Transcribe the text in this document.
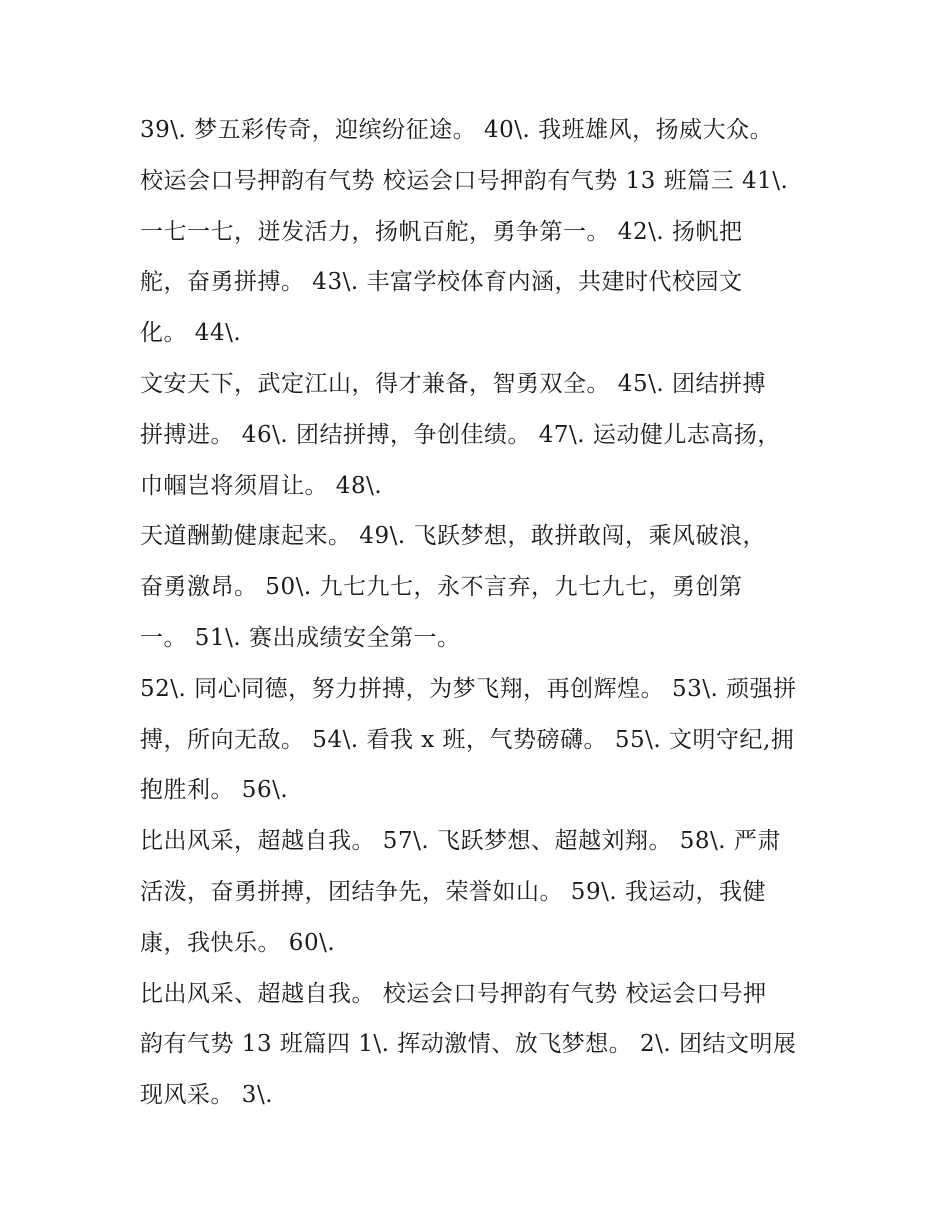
39\. 梦五彩传奇，迎缤纷征途。 40\. 我班雄风，扬威大众。
校运会口号押韵有气势 校运会口号押韵有气势 13 班篇三 41\.
一七一七，迸发活力，扬帆百舵，勇争第一。 42\. 扬帆把
舵，奋勇拼搏。 43\. 丰富学校体育内涵，共建时代校园文
化。 44\.
文安天下，武定江山，得才兼备，智勇双全。 45\. 团结拼搏
拼搏进。 46\. 团结拼搏，争创佳绩。 47\. 运动健儿志高扬，
巾帼岂将须眉让。 48\.
天道酬勤健康起来。 49\. 飞跃梦想，敢拼敢闯，乘风破浪，
奋勇激昂。 50\. 九七九七，永不言弃，九七九七，勇创第
一。 51\. 赛出成绩安全第一。
52\. 同心同德，努力拼搏，为梦飞翔，再创辉煌。 53\. 顽强拼
搏，所向无敌。 54\. 看我 x 班，气势磅礴。 55\. 文明守纪,拥
抱胜利。 56\.
比出风采，超越自我。 57\. 飞跃梦想、超越刘翔。 58\. 严肃
活泼，奋勇拼搏，团结争先，荣誉如山。 59\. 我运动，我健
康，我快乐。 60\.
比出风采、超越自我。 校运会口号押韵有气势 校运会口号押
韵有气势 13 班篇四 1\. 挥动激情、放飞梦想。 2\. 团结文明展
现风采。 3\.
